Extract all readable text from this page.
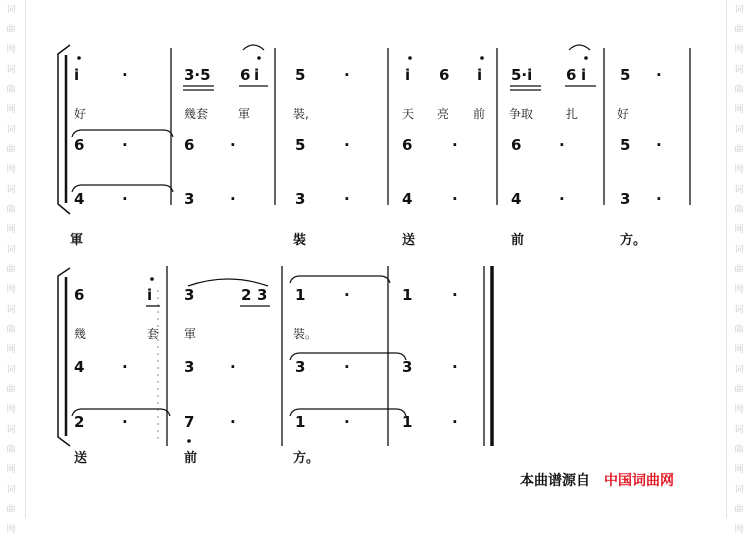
词
曲
网
词
曲
网
词
曲
网
词
曲
网
词
曲
网
词
曲
网
词
曲
网
词
曲
网
词
曲
网
词
曲
网
词
曲
网
词
曲
网
词
曲
网
词
曲
网
词
曲
网
词
曲
网
词
曲
网
词
曲
网
i	3·5 6 i 5	i 6 i 5·i 6 i 5
·	·	·
·	·	·	·	·	·
·	·	·	·	·	·
好	幾套 軍	裝,	天 亮 前 争取	扎	好
6	6	5	6	6	5
4	3	3	4	4	3
軍	裝	送	前	方。
6	i 3	2 3 1	1
·	·
·	·	·	·
·	·	·	·
幾	套 軍	裝。
4	3	3	3
2	7	1	1
送	前	方。
本曲谱源自 中国词曲网
